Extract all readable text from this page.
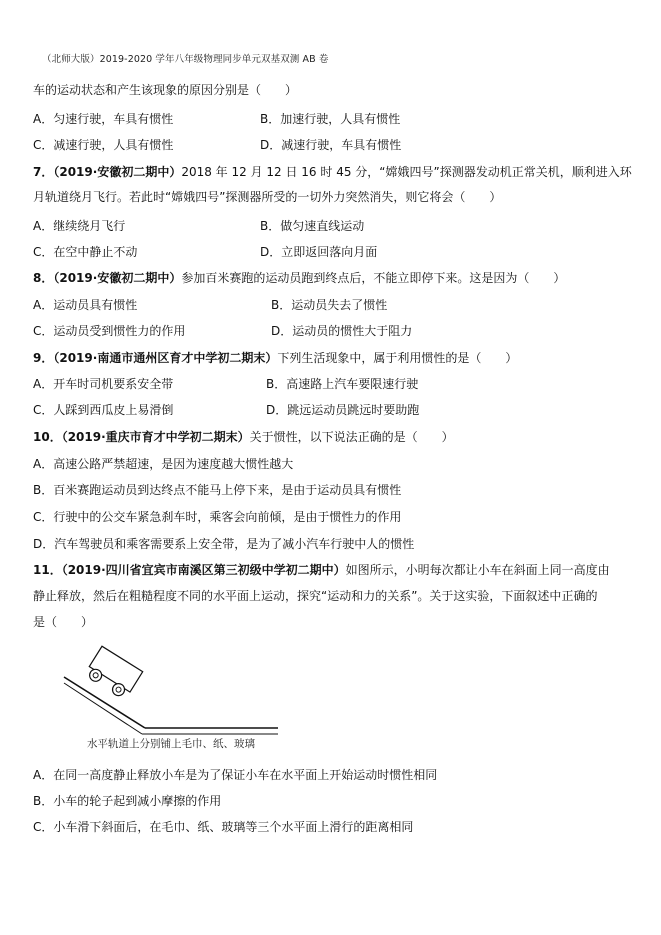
（北师大版）2019-2020 学年八年级物理同步单元双基双测 AB 卷
车的运动状态和产生该现象的原因分别是（　　）
A．匀速行驶，车具有惯性	B．加速行驶，人具有惯性
C．减速行驶，人具有惯性	D．减速行驶，车具有惯性
7．（2019·安徽初二期中）2018 年 12 月 12 日 16 时 45 分，“嫦娥四号”探测器发动机正常关机，顺利进入环
月轨道绕月飞行。若此时“嫦娥四号”探测器所受的一切外力突然消失，则它将会（　　）
A．继续绕月飞行	B．做匀速直线运动
C．在空中静止不动	D．立即返回落向月面
8．（2019·安徽初二期中）参加百米赛跑的运动员跑到终点后，不能立即停下来。这是因为（　　）
A．运动员具有惯性	B．运动员失去了惯性
C．运动员受到惯性力的作用	D．运动员的惯性大于阻力
9．（2019·南通市通州区育才中学初二期末）下列生活现象中，属于利用惯性的是（　　）
A．开车时司机要系安全带	B．高速路上汽车要限速行驶
C．人踩到西瓜皮上易滑倒	D．跳远运动员跳远时要助跑
10．（2019·重庆市育才中学初二期末）关于惯性，以下说法正确的是（　　）
A．高速公路严禁超速，是因为速度越大惯性越大
B．百米赛跑运动员到达终点不能马上停下来，是由于运动员具有惯性
C．行驶中的公交车紧急刹车时，乘客会向前倾，是由于惯性力的作用
D．汽车驾驶员和乘客需要系上安全带，是为了减小汽车行驶中人的惯性
11．（2019·四川省宜宾市南溪区第三初级中学初二期中）如图所示，小明每次都让小车在斜面上同一高度由
静止释放，然后在粗糙程度不同的水平面上运动，探究“运动和力的关系”。关于这实验，下面叙述中正确的
是（　　）
水平轨道上分别铺上毛巾、纸、玻璃
A．在同一高度静止释放小车是为了保证小车在水平面上开始运动时惯性相同
B．小车的轮子起到减小摩擦的作用
C．小车滑下斜面后，在毛巾、纸、玻璃等三个水平面上滑行的距离相同
